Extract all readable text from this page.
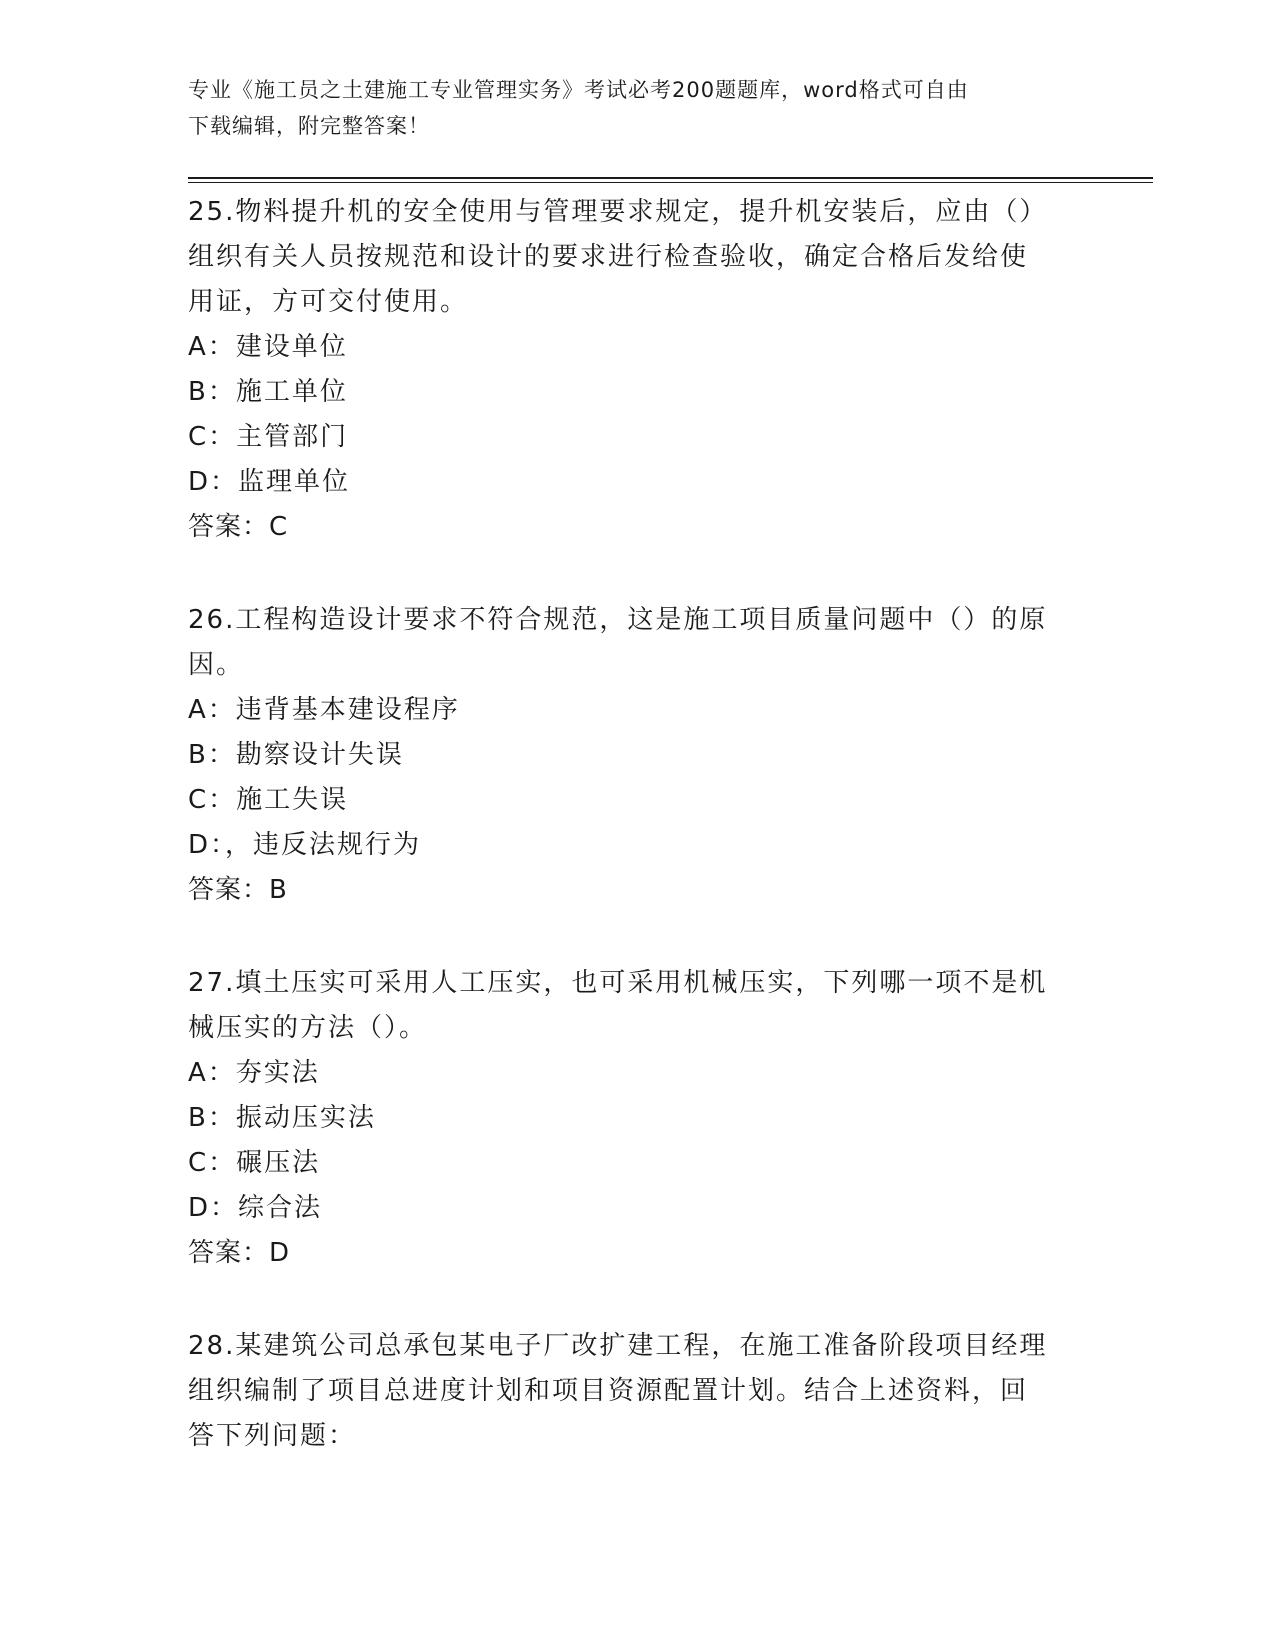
专业《施工员之土建施工专业管理实务》考试必考200题题库，word格式可自由
下载编辑，附完整答案！
25.物料提升机的安全使用与管理要求规定，提升机安装后，应由（）
组织有关人员按规范和设计的要求进行检查验收，确定合格后发给使
用证，方可交付使用。
A：建设单位
B：施工单位
C：主管部门
D：监理单位
答案：C
26.工程构造设计要求不符合规范，这是施工项目质量问题中（）的原
因。
A：违背基本建设程序
B：勘察设计失误
C：施工失误
D：，违反法规行为
答案：B
27.填土压实可采用人工压实，也可采用机械压实，下列哪一项不是机
械压实的方法（）。
A：夯实法
B：振动压实法
C：碾压法
D：综合法
答案：D
28.某建筑公司总承包某电子厂改扩建工程，在施工准备阶段项目经理
组织编制了项目总进度计划和项目资源配置计划。结合上述资料，回
答下列问题：
